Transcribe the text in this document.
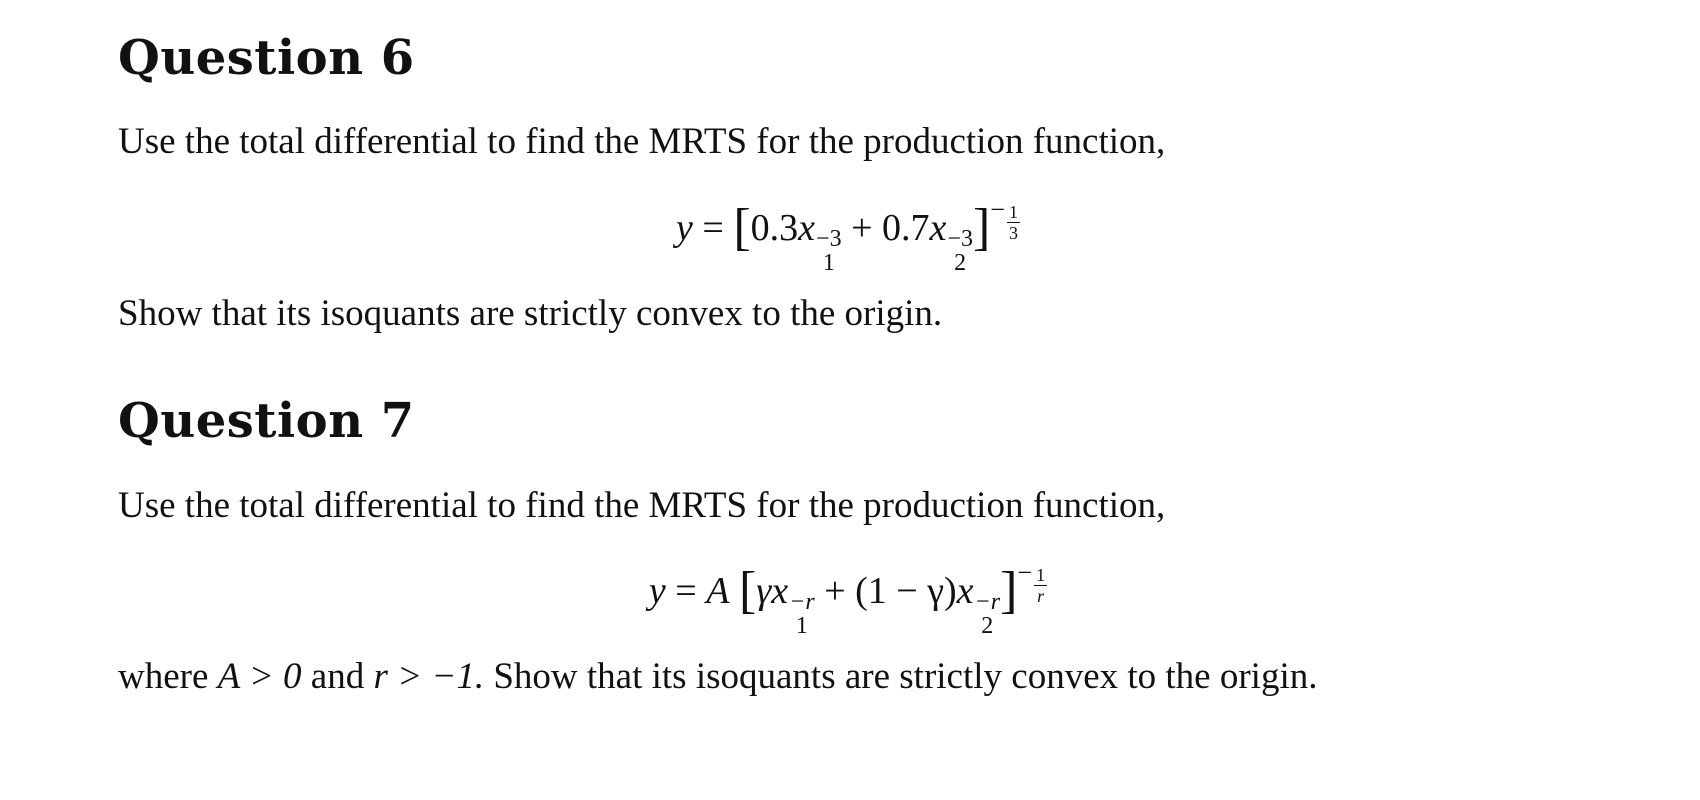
Question 6

Use the total differential to find the MRTS for the production function,

y = [0.3x −3
1
+ 0.7x −3
2
]$^- \frac{1}{3}$

Show that its isoquants are strictly convex to the origin.

Question 7

Use the total differential to find the MRTS for the production function,

y = A [γx −r
1
+ (1 − γ)x −r
2
]$^- \frac{1}{r}$

where A > 0 and r > −1. Show that its isoquants are strictly convex to the origin.
